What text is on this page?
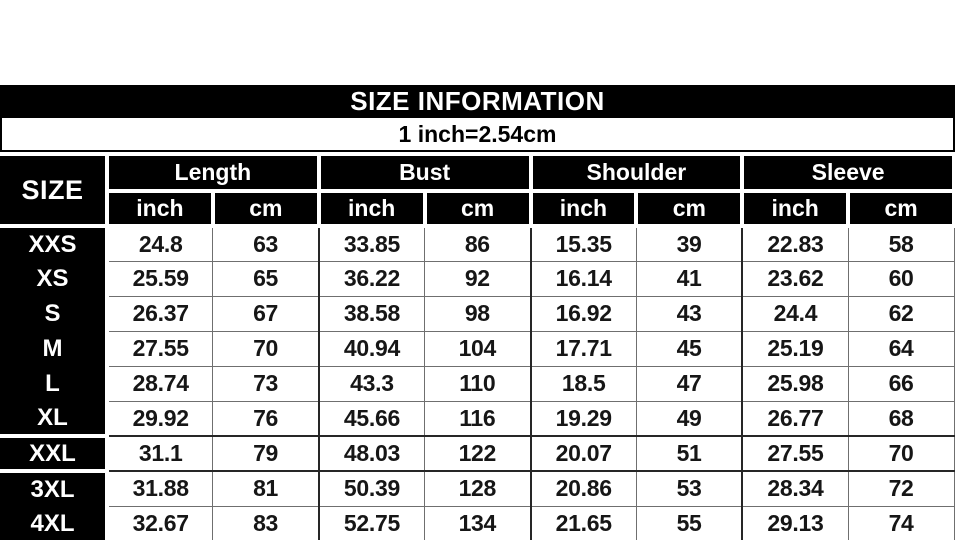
SIZE INFORMATION
1 inch=2.54cm
SIZE	Length		Bust		Shoulder		Sleeve	
	inch	cm	inch	cm	inch	cm	inch	cm
XXS	24.8	63	33.85	86	15.35	39	22.83	58
XS	25.59	65	36.22	92	16.14	41	23.62	60
S	26.37	67	38.58	98	16.92	43	24.4	62
M	27.55	70	40.94	104	17.71	45	25.19	64
L	28.74	73	43.3	110	18.5	47	25.98	66
XL	29.92	76	45.66	116	19.29	49	26.77	68
XXL	31.1	79	48.03	122	20.07	51	27.55	70
3XL	31.88	81	50.39	128	20.86	53	28.34	72
4XL	32.67	83	52.75	134	21.65	55	29.13	74
